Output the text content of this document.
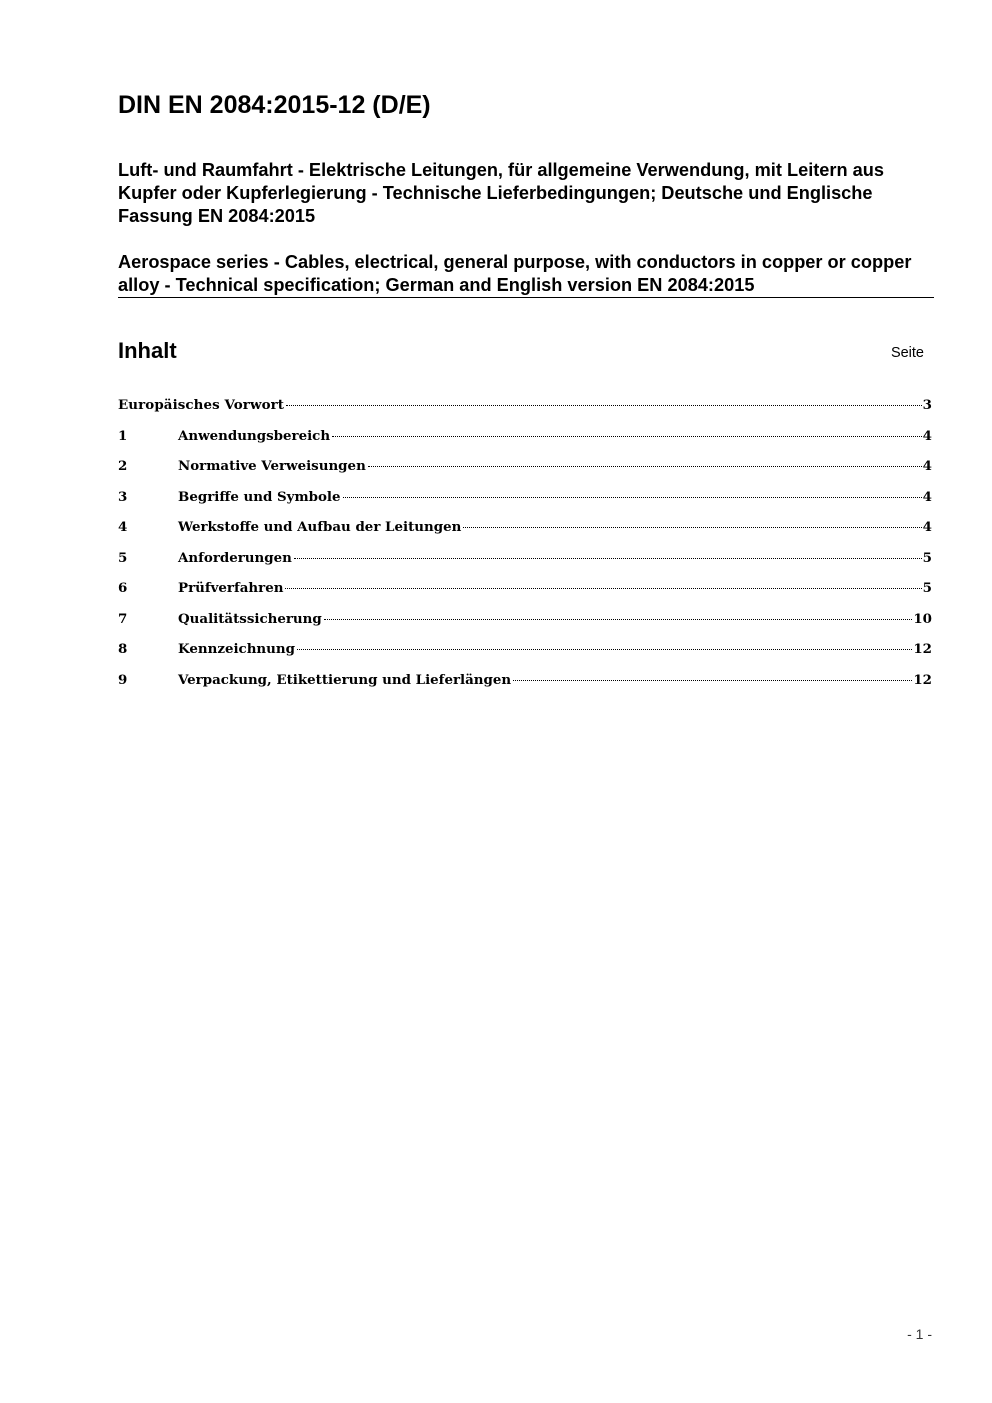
DIN EN 2084:2015-12 (D/E)

Luft- und Raumfahrt - Elektrische Leitungen, für allgemeine Verwendung, mit Leitern aus Kupfer oder Kupferlegierung - Technische Lieferbedingungen; Deutsche und Englische Fassung EN 2084:2015

Aerospace series - Cables, electrical, general purpose, with conductors in copper or copper alloy - Technical specification; German and English version EN 2084:2015

Inhalt	Seite
Europäisches Vorwort	3
1	Anwendungsbereich	4
2	Normative Verweisungen	4
3	Begriffe und Symbole	4
4	Werkstoffe und Aufbau der Leitungen	4
5	Anforderungen	5
6	Prüfverfahren	5
7	Qualitätssicherung	10
8	Kennzeichnung	12
9	Verpackung, Etikettierung und Lieferlängen	12
- 1 -
